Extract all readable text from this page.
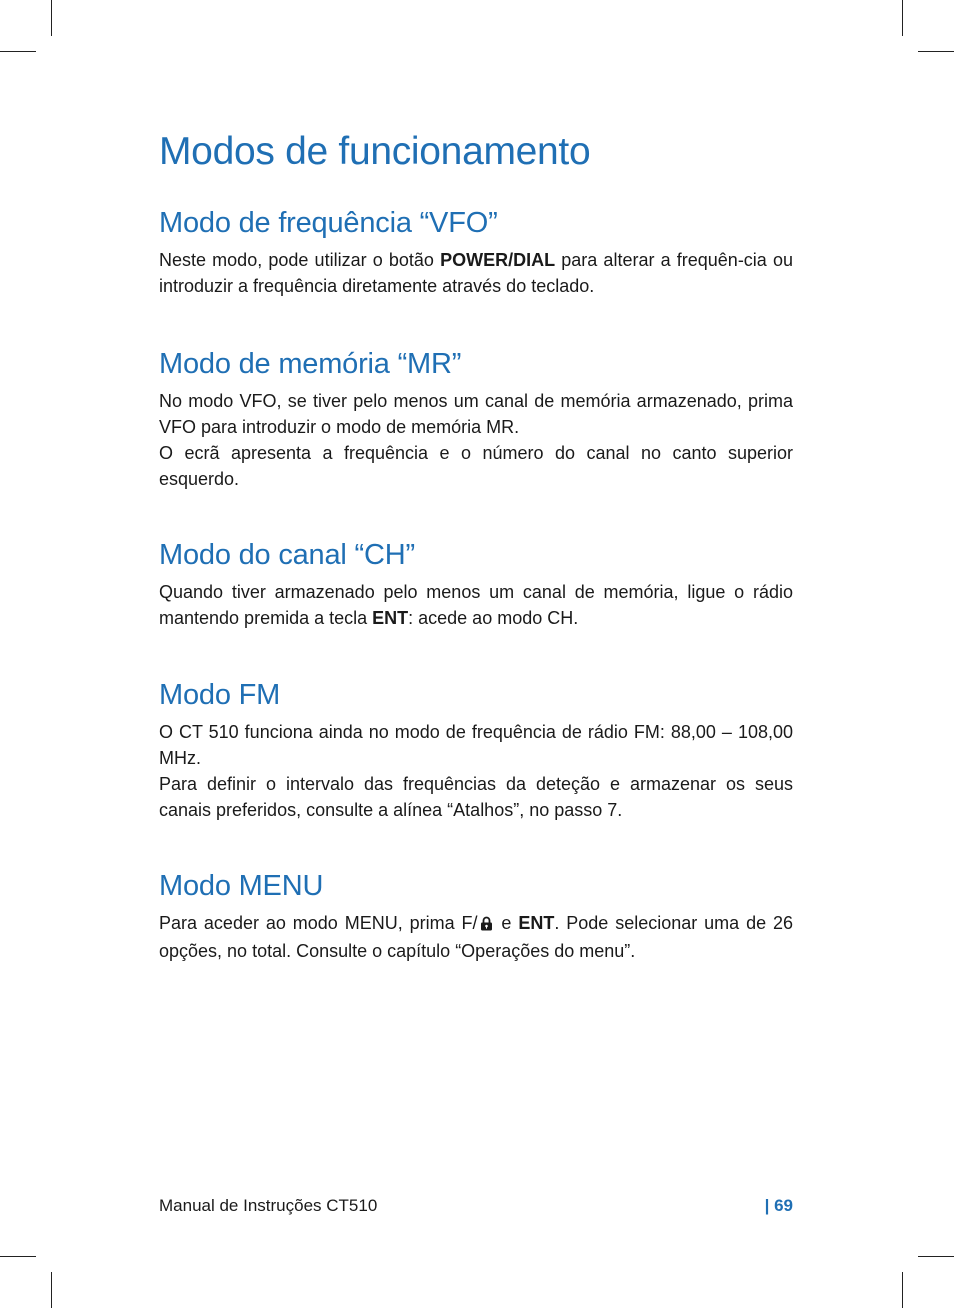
Modos de funcionamento
Modo de frequência “VFO”

Neste modo, pode utilizar o botão POWER/DIAL para alterar a frequên-cia ou introduzir a frequência diretamente através do teclado.

Modo de memória “MR”

No modo VFO, se tiver pelo menos um canal de memória armazenado, prima VFO para introduzir o modo de memória MR.

O ecrã apresenta a frequência e o número do canal no canto superior esquerdo.

Modo do canal “CH”

Quando tiver armazenado pelo menos um canal de memória, ligue o rádio mantendo premida a tecla ENT: acede ao modo CH.

Modo FM

O CT 510 funciona ainda no modo de frequência de rádio FM: 88,00 – 108,00 MHz.

Para definir o intervalo das frequências da deteção e armazenar os seus canais preferidos, consulte a alínea “Atalhos”, no passo 7.

Modo MENU

Para aceder ao modo MENU, prima F/ e ENT. Pode selecionar uma de 26 opções, no total. Consulte o capítulo “Operações do menu”.

Manual de Instruções CT510	| 69
